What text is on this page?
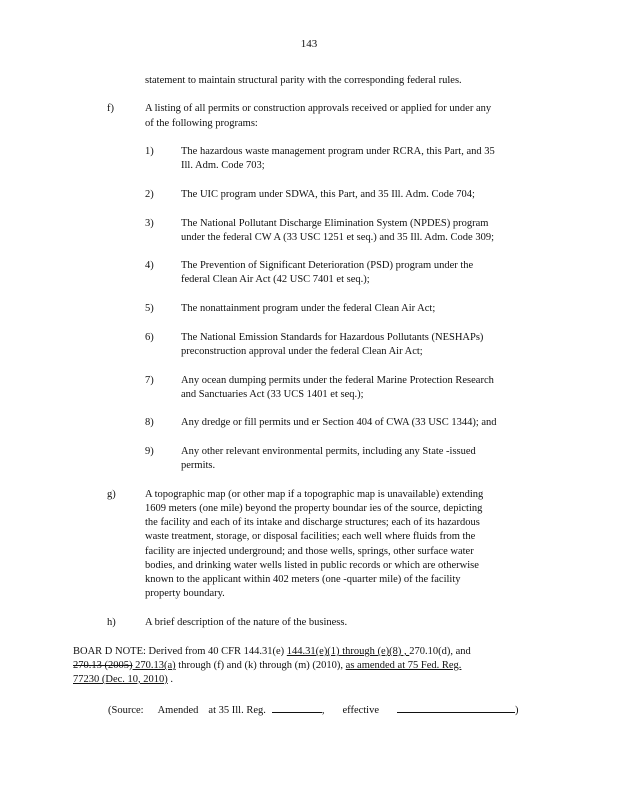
143
statement to maintain structural parity with the corresponding federal rules.
f)	A listing of all permits or construction approvals received or applied for under any
of the following programs:
1)	The hazardous waste management program under RCRA, this Part, and 35
Ill. Adm. Code 703;
2)	The UIC program under SDWA, this Part, and 35 Ill. Adm. Code 704;
3)	The National Pollutant Discharge Elimination System (NPDES) program
under the federal CW A (33 USC 1251 et seq.) and 35 Ill. Adm. Code 309;
4)	The Prevention of Significant Deterioration (PSD) program under the
federal Clean Air Act (42 USC 7401 et seq.);
5)	The nonattainment program under the federal Clean Air Act;
6)	The National Emission Standards for Hazardous Pollutants (NESHAPs)
preconstruction approval under the federal Clean Air Act;
7)	Any ocean dumping permits under the federal Marine Protection Research
and Sanctuaries Act (33 UCS 1401 et seq.);
8)	Any dredge or fill permits und er Section 404 of CWA (33 USC 1344); and
9)	Any other relevant environmental permits, including any State -issued
permits.
g)	A topographic map (or other map if a topographic map is unavailable) extending
1609 meters (one mile) beyond the property boundar ies of the source, depicting
the facility and each of its intake and discharge structures; each of its hazardous
waste treatment, storage, or disposal facilities; each well where fluids from the
facility are injected underground; and those wells, springs, other surface water
bodies, and drinking water wells listed in public records or which are otherwise
known to the applicant within 402 meters (one -quarter mile) of the facility
property boundary.
h)	A brief description of the nature of the business.
BOAR D NOTE: Derived from 40 CFR 144.31(e) 144.31(e)(1) through (e)(8) , 270.10(d), and
270.13 (2005) 270.13(a) through (f) and (k) through (m) (2010), as amended at 75 Fed. Reg.
77230 (Dec. 10, 2010) .
(Source: Amended at 35 Ill. Reg.	, effective	)
